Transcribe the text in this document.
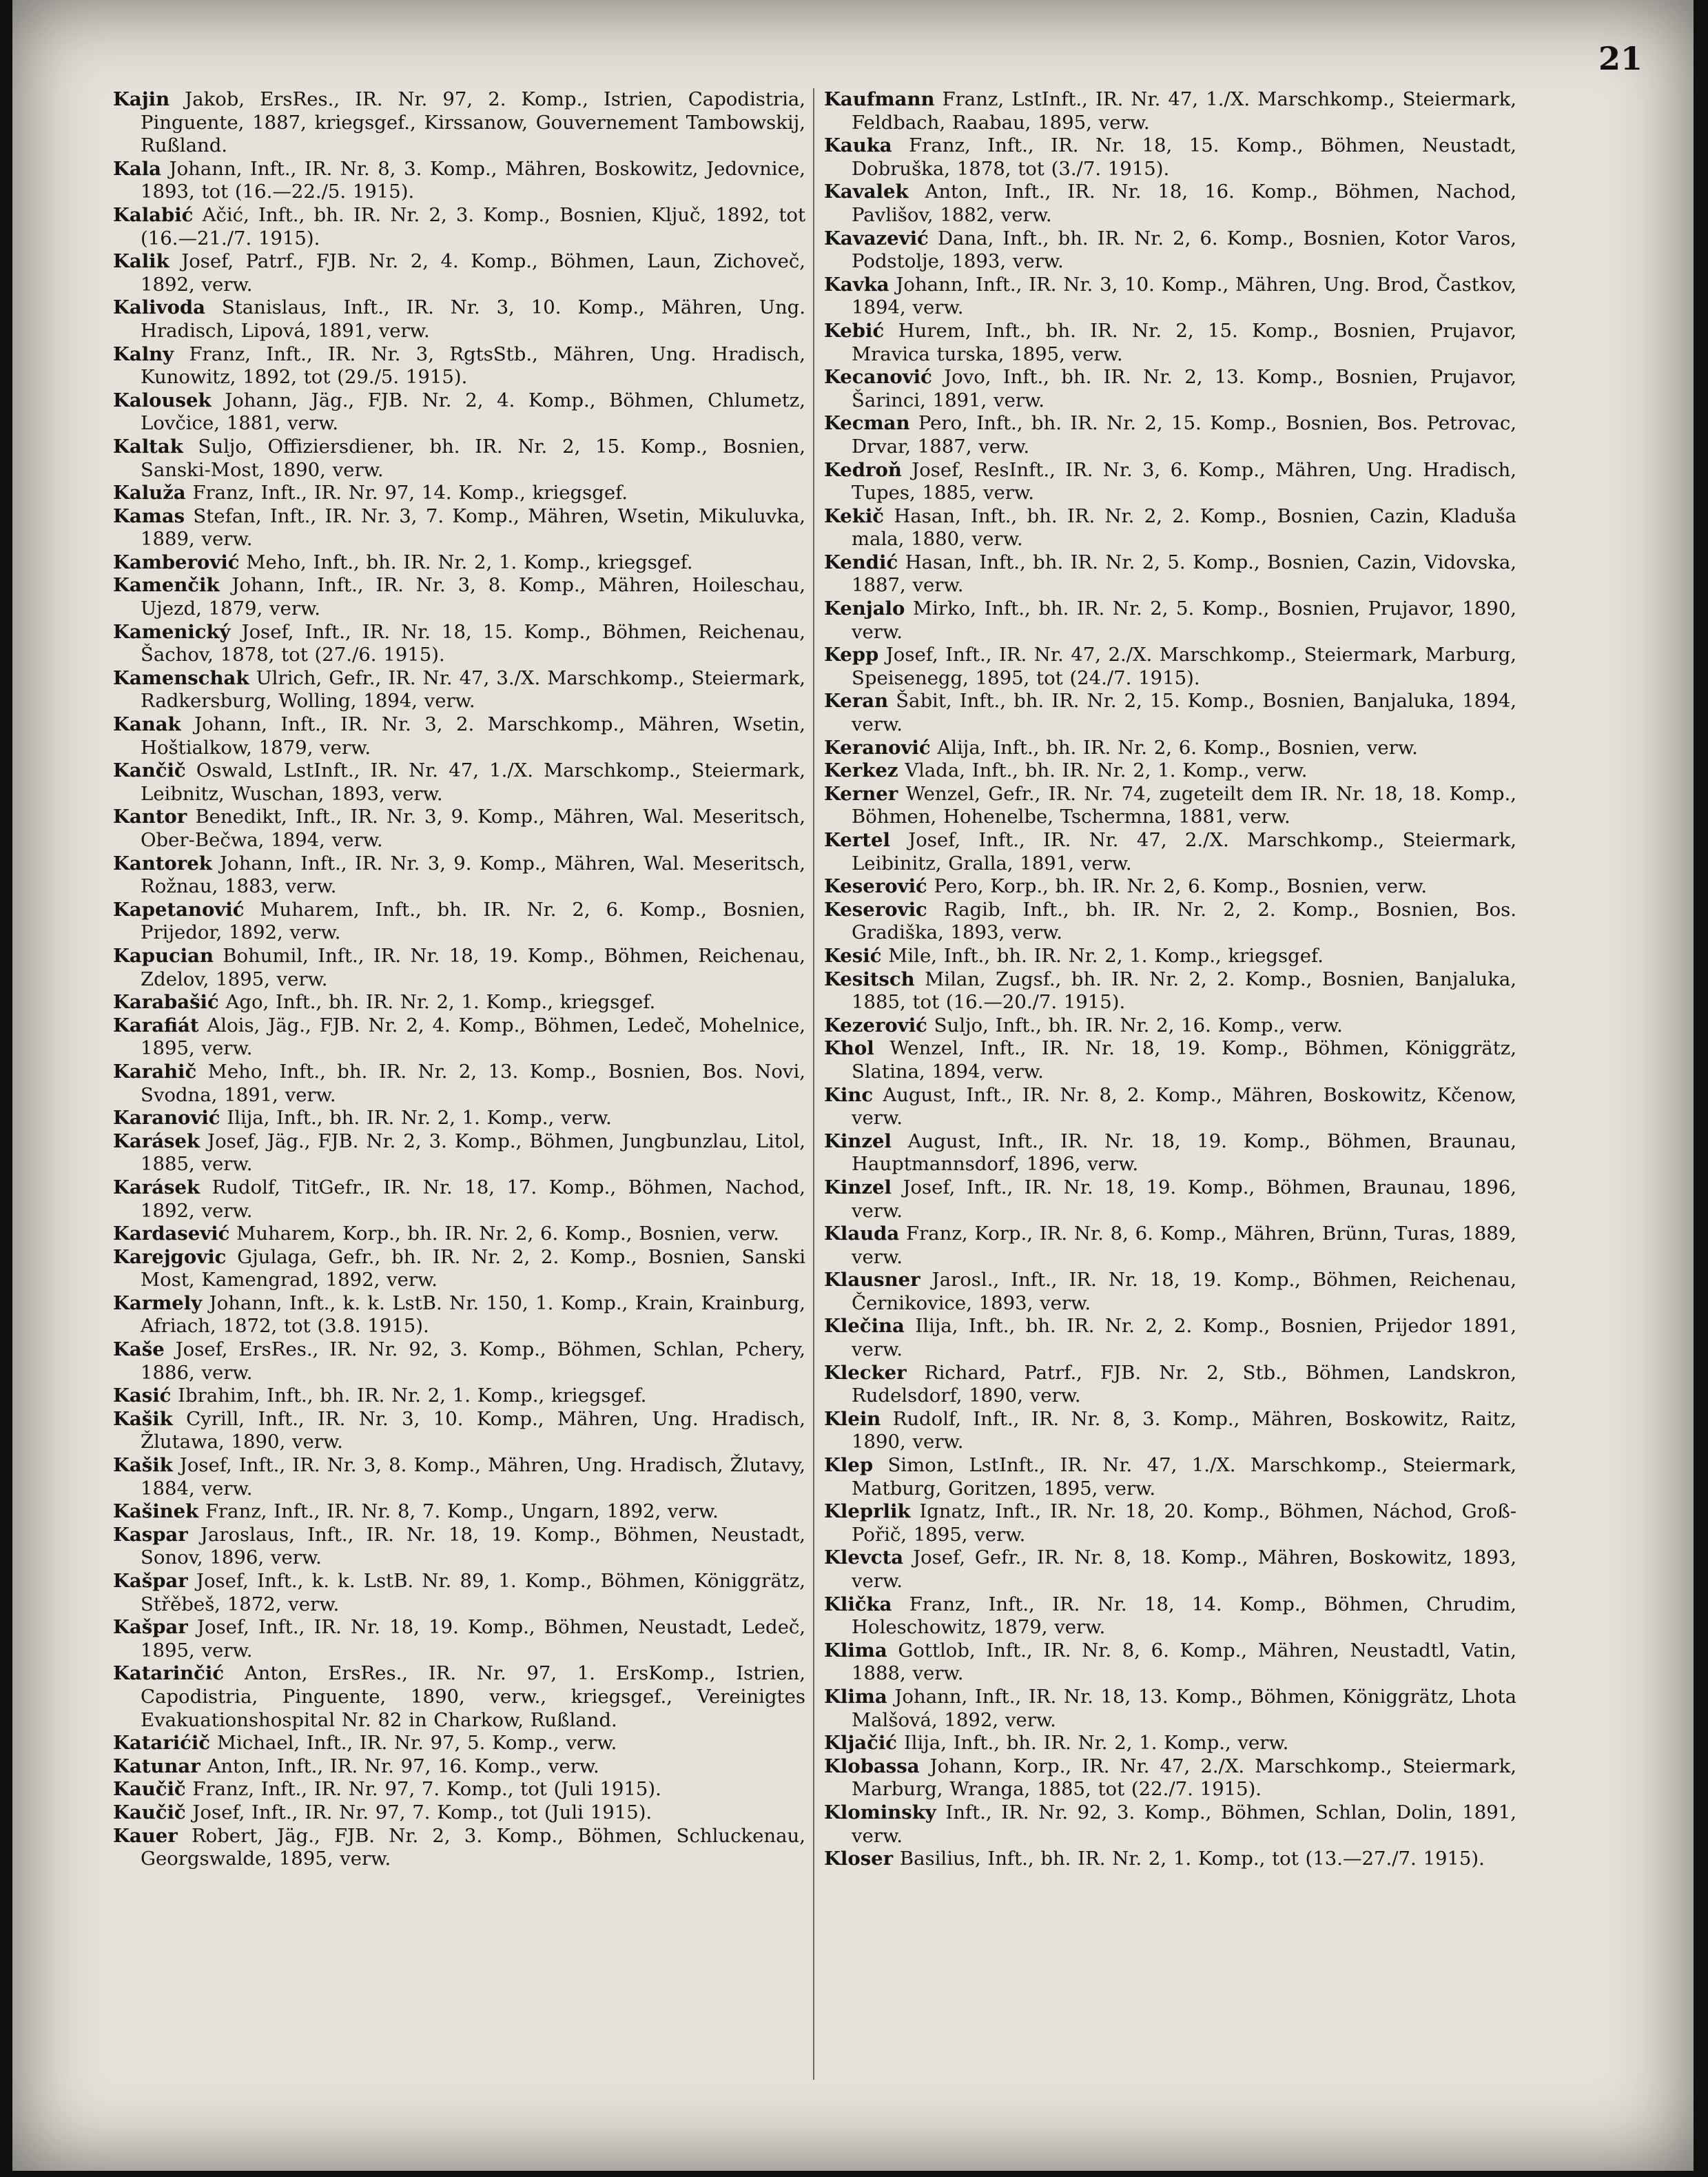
21

Kajin Jakob, ErsRes., IR. Nr. 97, 2. Komp., Istrien, Capodistria, Pinguente, 1887, kriegsgef., Kirssanow, Gouvernement Tambowskij, Rußland.

Kala Johann, Inft., IR. Nr. 8, 3. Komp., Mähren, Boskowitz, Jedovnice, 1893, tot (16.—22./5. 1915).

Kalabić Ačić, Inft., bh. IR. Nr. 2, 3. Komp., Bosnien, Ključ, 1892, tot (16.—21./7. 1915).

Kalik Josef, Patrf., FJB. Nr. 2, 4. Komp., Böhmen, Laun, Zichoveč, 1892, verw.

Kalivoda Stanislaus, Inft., IR. Nr. 3, 10. Komp., Mähren, Ung. Hradisch, Lipová, 1891, verw.

Kalny Franz, Inft., IR. Nr. 3, RgtsStb., Mähren, Ung. Hradisch, Kunowitz, 1892, tot (29./5. 1915).

Kalousek Johann, Jäg., FJB. Nr. 2, 4. Komp., Böhmen, Chlumetz, Lovčice, 1881, verw.

Kaltak Suljo, Offiziersdiener, bh. IR. Nr. 2, 15. Komp., Bosnien, Sanski-Most, 1890, verw.

Kaluža Franz, Inft., IR. Nr. 97, 14. Komp., kriegsgef.

Kamas Stefan, Inft., IR. Nr. 3, 7. Komp., Mähren, Wsetin, Mikuluvka, 1889, verw.

Kamberović Meho, Inft., bh. IR. Nr. 2, 1. Komp., kriegsgef.

Kamenčik Johann, Inft., IR. Nr. 3, 8. Komp., Mähren, Hoileschau, Ujezd, 1879, verw.

Kamenický Josef, Inft., IR. Nr. 18, 15. Komp., Böhmen, Reichenau, Šachov, 1878, tot (27./6. 1915).

Kamenschak Ulrich, Gefr., IR. Nr. 47, 3./X. Marschkomp., Steiermark, Radkersburg, Wolling, 1894, verw.

Kanak Johann, Inft., IR. Nr. 3, 2. Marschkomp., Mähren, Wsetin, Hoštialkow, 1879, verw.

Kančič Oswald, LstInft., IR. Nr. 47, 1./X. Marschkomp., Steiermark, Leibnitz, Wuschan, 1893, verw.

Kantor Benedikt, Inft., IR. Nr. 3, 9. Komp., Mähren, Wal. Meseritsch, Ober-Bečwa, 1894, verw.

Kantorek Johann, Inft., IR. Nr. 3, 9. Komp., Mähren, Wal. Meseritsch, Rožnau, 1883, verw.

Kapetanović Muharem, Inft., bh. IR. Nr. 2, 6. Komp., Bosnien, Prijedor, 1892, verw.

Kapucian Bohumil, Inft., IR. Nr. 18, 19. Komp., Böhmen, Reichenau, Zdelov, 1895, verw.

Karabašić Ago, Inft., bh. IR. Nr. 2, 1. Komp., kriegsgef.

Karafiát Alois, Jäg., FJB. Nr. 2, 4. Komp., Böhmen, Ledeč, Mohelnice, 1895, verw.

Karahič Meho, Inft., bh. IR. Nr. 2, 13. Komp., Bosnien, Bos. Novi, Svodna, 1891, verw.

Karanović Ilija, Inft., bh. IR. Nr. 2, 1. Komp., verw.

Karásek Josef, Jäg., FJB. Nr. 2, 3. Komp., Böhmen, Jungbunzlau, Litol, 1885, verw.

Karásek Rudolf, TitGefr., IR. Nr. 18, 17. Komp., Böhmen, Nachod, 1892, verw.

Kardasević Muharem, Korp., bh. IR. Nr. 2, 6. Komp., Bosnien, verw.

Karejgovic Gjulaga, Gefr., bh. IR. Nr. 2, 2. Komp., Bosnien, Sanski Most, Kamengrad, 1892, verw.

Karmely Johann, Inft., k. k. LstB. Nr. 150, 1. Komp., Krain, Krainburg, Afriach, 1872, tot (3.8. 1915).

Kaše Josef, ErsRes., IR. Nr. 92, 3. Komp., Böhmen, Schlan, Pchery, 1886, verw.

Kasić Ibrahim, Inft., bh. IR. Nr. 2, 1. Komp., kriegsgef.

Kašik Cyrill, Inft., IR. Nr. 3, 10. Komp., Mähren, Ung. Hradisch, Žlutawa, 1890, verw.

Kašik Josef, Inft., IR. Nr. 3, 8. Komp., Mähren, Ung. Hradisch, Žlutavy, 1884, verw.

Kašinek Franz, Inft., IR. Nr. 8, 7. Komp., Ungarn, 1892, verw.

Kaspar Jaroslaus, Inft., IR. Nr. 18, 19. Komp., Böhmen, Neustadt, Sonov, 1896, verw.

Kašpar Josef, Inft., k. k. LstB. Nr. 89, 1. Komp., Böhmen, Königgrätz, Střěbeš, 1872, verw.

Kašpar Josef, Inft., IR. Nr. 18, 19. Komp., Böhmen, Neustadt, Ledeč, 1895, verw.

Katarinčić Anton, ErsRes., IR. Nr. 97, 1. ErsKomp., Istrien, Capodistria, Pinguente, 1890, verw., kriegsgef., Vereinigtes Evakuationshospital Nr. 82 in Charkow, Rußland.

Katarićič Michael, Inft., IR. Nr. 97, 5. Komp., verw.

Katunar Anton, Inft., IR. Nr. 97, 16. Komp., verw.

Kaučič Franz, Inft., IR. Nr. 97, 7. Komp., tot (Juli 1915).

Kaučič Josef, Inft., IR. Nr. 97, 7. Komp., tot (Juli 1915).

Kauer Robert, Jäg., FJB. Nr. 2, 3. Komp., Böhmen, Schluckenau, Georgswalde, 1895, verw.

Kaufmann Franz, LstInft., IR. Nr. 47, 1./X. Marschkomp., Steiermark, Feldbach, Raabau, 1895, verw.

Kauka Franz, Inft., IR. Nr. 18, 15. Komp., Böhmen, Neustadt, Dobruška, 1878, tot (3./7. 1915).

Kavalek Anton, Inft., IR. Nr. 18, 16. Komp., Böhmen, Nachod, Pavlišov, 1882, verw.

Kavazević Dana, Inft., bh. IR. Nr. 2, 6. Komp., Bosnien, Kotor Varos, Podstolje, 1893, verw.

Kavka Johann, Inft., IR. Nr. 3, 10. Komp., Mähren, Ung. Brod, Častkov, 1894, verw.

Kebić Hurem, Inft., bh. IR. Nr. 2, 15. Komp., Bosnien, Prujavor, Mravica turska, 1895, verw.

Kecanović Jovo, Inft., bh. IR. Nr. 2, 13. Komp., Bosnien, Prujavor, Šarinci, 1891, verw.

Kecman Pero, Inft., bh. IR. Nr. 2, 15. Komp., Bosnien, Bos. Petrovac, Drvar, 1887, verw.

Kedroň Josef, ResInft., IR. Nr. 3, 6. Komp., Mähren, Ung. Hradisch, Tupes, 1885, verw.

Kekič Hasan, Inft., bh. IR. Nr. 2, 2. Komp., Bosnien, Cazin, Kladuša mala, 1880, verw.

Kendić Hasan, Inft., bh. IR. Nr. 2, 5. Komp., Bosnien, Cazin, Vidovska, 1887, verw.

Kenjalo Mirko, Inft., bh. IR. Nr. 2, 5. Komp., Bosnien, Prujavor, 1890, verw.

Kepp Josef, Inft., IR. Nr. 47, 2./X. Marschkomp., Steiermark, Marburg, Speisenegg, 1895, tot (24./7. 1915).

Keran Šabit, Inft., bh. IR. Nr. 2, 15. Komp., Bosnien, Banjaluka, 1894, verw.

Keranović Alija, Inft., bh. IR. Nr. 2, 6. Komp., Bosnien, verw.

Kerkez Vlada, Inft., bh. IR. Nr. 2, 1. Komp., verw.

Kerner Wenzel, Gefr., IR. Nr. 74, zugeteilt dem IR. Nr. 18, 18. Komp., Böhmen, Hohenelbe, Tschermna, 1881, verw.

Kertel Josef, Inft., IR. Nr. 47, 2./X. Marschkomp., Steiermark, Leibinitz, Gralla, 1891, verw.

Keserović Pero, Korp., bh. IR. Nr. 2, 6. Komp., Bosnien, verw.

Keserovic Ragib, Inft., bh. IR. Nr. 2, 2. Komp., Bosnien, Bos. Gradiška, 1893, verw.

Kesić Mile, Inft., bh. IR. Nr. 2, 1. Komp., kriegsgef.

Kesitsch Milan, Zugsf., bh. IR. Nr. 2, 2. Komp., Bosnien, Banjaluka, 1885, tot (16.—20./7. 1915).

Kezerović Suljo, Inft., bh. IR. Nr. 2, 16. Komp., verw.

Khol Wenzel, Inft., IR. Nr. 18, 19. Komp., Böhmen, Königgrätz, Slatina, 1894, verw.

Kinc August, Inft., IR. Nr. 8, 2. Komp., Mähren, Boskowitz, Kčenow, verw.

Kinzel August, Inft., IR. Nr. 18, 19. Komp., Böhmen, Braunau, Hauptmannsdorf, 1896, verw.

Kinzel Josef, Inft., IR. Nr. 18, 19. Komp., Böhmen, Braunau, 1896, verw.

Klauda Franz, Korp., IR. Nr. 8, 6. Komp., Mähren, Brünn, Turas, 1889, verw.

Klausner Jarosl., Inft., IR. Nr. 18, 19. Komp., Böhmen, Reichenau, Černikovice, 1893, verw.

Klečina Ilija, Inft., bh. IR. Nr. 2, 2. Komp., Bosnien, Prijedor 1891, verw.

Klecker Richard, Patrf., FJB. Nr. 2, Stb., Böhmen, Landskron, Rudelsdorf, 1890, verw.

Klein Rudolf, Inft., IR. Nr. 8, 3. Komp., Mähren, Boskowitz, Raitz, 1890, verw.

Klep Simon, LstInft., IR. Nr. 47, 1./X. Marschkomp., Steiermark, Matburg, Goritzen, 1895, verw.

Kleprlik Ignatz, Inft., IR. Nr. 18, 20. Komp., Böhmen, Náchod, Groß-Pořič, 1895, verw.

Klevcta Josef, Gefr., IR. Nr. 8, 18. Komp., Mähren, Boskowitz, 1893, verw.

Klička Franz, Inft., IR. Nr. 18, 14. Komp., Böhmen, Chrudim, Holeschowitz, 1879, verw.

Klima Gottlob, Inft., IR. Nr. 8, 6. Komp., Mähren, Neustadtl, Vatin, 1888, verw.

Klima Johann, Inft., IR. Nr. 18, 13. Komp., Böhmen, Königgrätz, Lhota Malšová, 1892, verw.

Kljačić Ilija, Inft., bh. IR. Nr. 2, 1. Komp., verw.

Klobassa Johann, Korp., IR. Nr. 47, 2./X. Marschkomp., Steiermark, Marburg, Wranga, 1885, tot (22./7. 1915).

Klominsky Inft., IR. Nr. 92, 3. Komp., Böhmen, Schlan, Dolin, 1891, verw.

Kloser Basilius, Inft., bh. IR. Nr. 2, 1. Komp., tot (13.—27./7. 1915).
